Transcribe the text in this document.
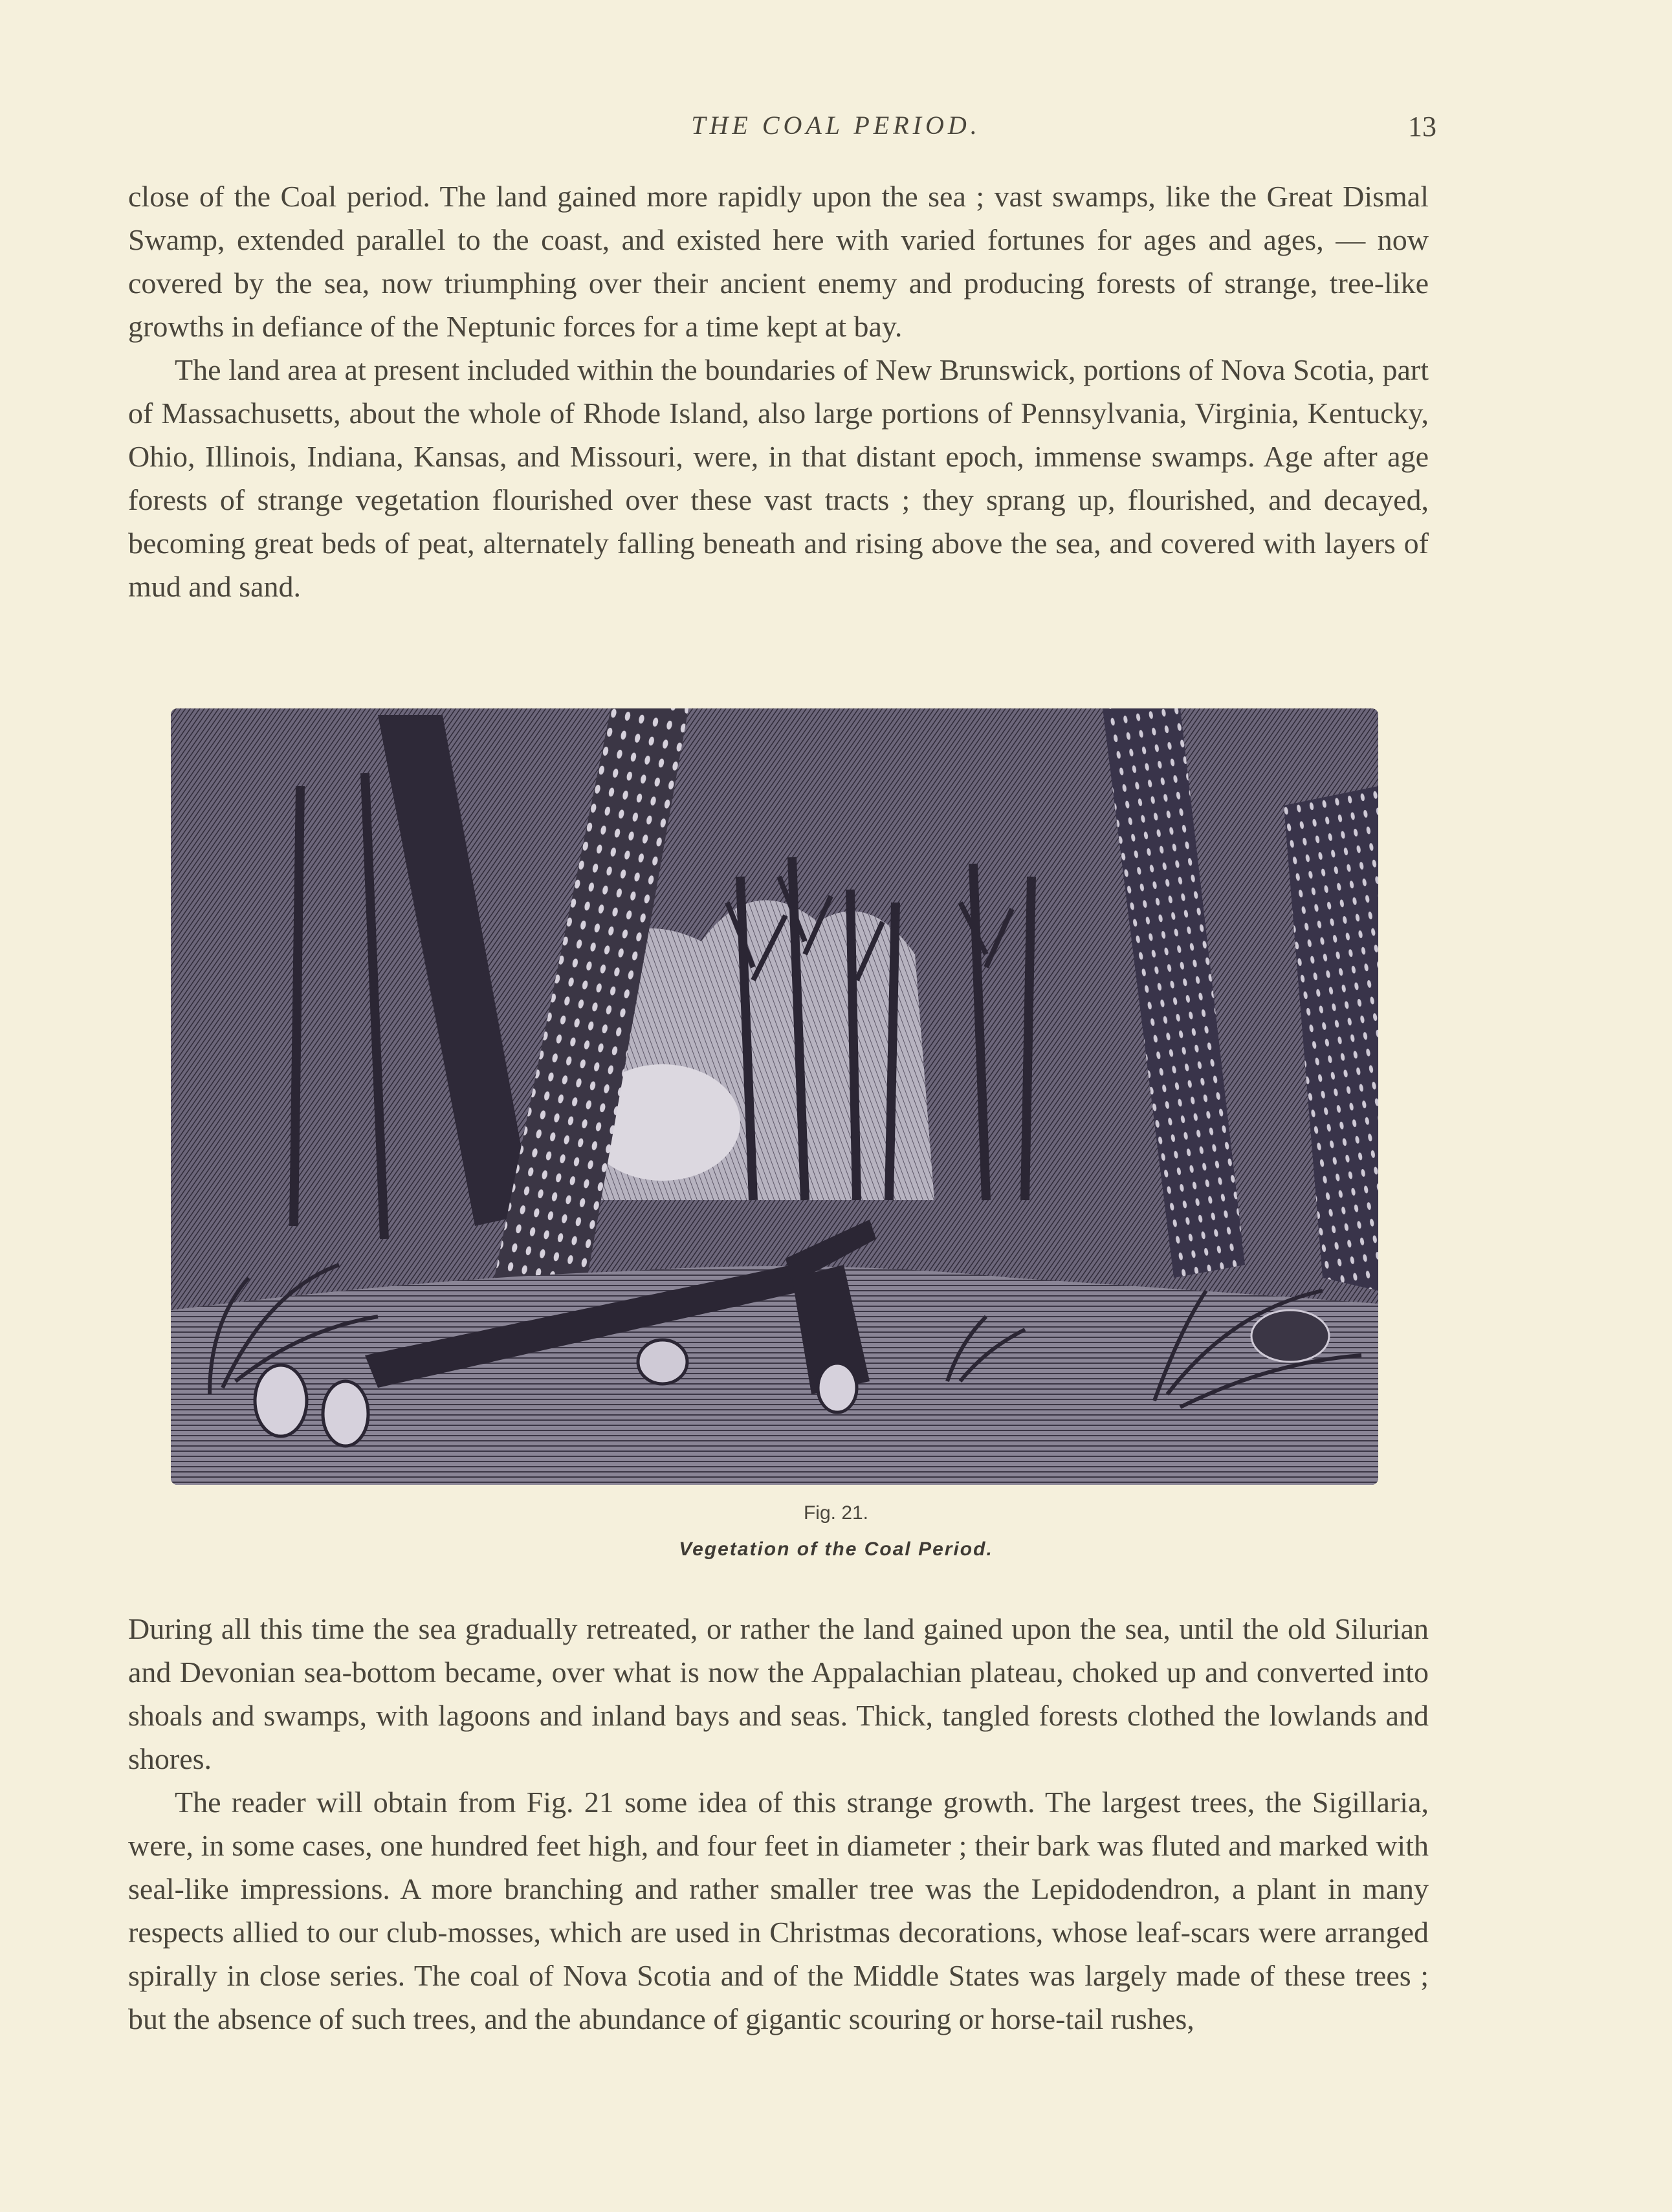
THE COAL PERIOD.	13

close of the Coal period. The land gained more rapidly upon the sea ; vast swamps, like the Great Dismal Swamp, extended parallel to the coast, and existed here with varied fortunes for ages and ages, — now covered by the sea, now triumphing over their ancient enemy and producing forests of strange, tree-like growths in defiance of the Neptunic forces for a time kept at bay.

The land area at present included within the boundaries of New Brunswick, portions of Nova Scotia, part of Massachusetts, about the whole of Rhode Island, also large portions of Pennsylvania, Virginia, Kentucky, Ohio, Illinois, Indiana, Kansas, and Missouri, were, in that distant epoch, immense swamps. Age after age forests of strange vegetation flourished over these vast tracts ; they sprang up, flourished, and decayed, becoming great beds of peat, alternately falling beneath and rising above the sea, and covered with layers of mud and sand.

Fig. 21.
Vegetation of the Coal Period.

During all this time the sea gradually retreated, or rather the land gained upon the sea, until the old Silurian and Devonian sea-bottom became, over what is now the Appalachian plateau, choked up and converted into shoals and swamps, with lagoons and inland bays and seas. Thick, tangled forests clothed the lowlands and shores.

The reader will obtain from Fig. 21 some idea of this strange growth. The largest trees, the Sigillaria, were, in some cases, one hundred feet high, and four feet in diameter ; their bark was fluted and marked with seal-like impressions. A more branching and rather smaller tree was the Lepidodendron, a plant in many respects allied to our club-mosses, which are used in Christmas decorations, whose leaf-scars were arranged spirally in close series. The coal of Nova Scotia and of the Middle States was largely made of these trees ; but the absence of such trees, and the abundance of gigantic scouring or horse-tail rushes,
